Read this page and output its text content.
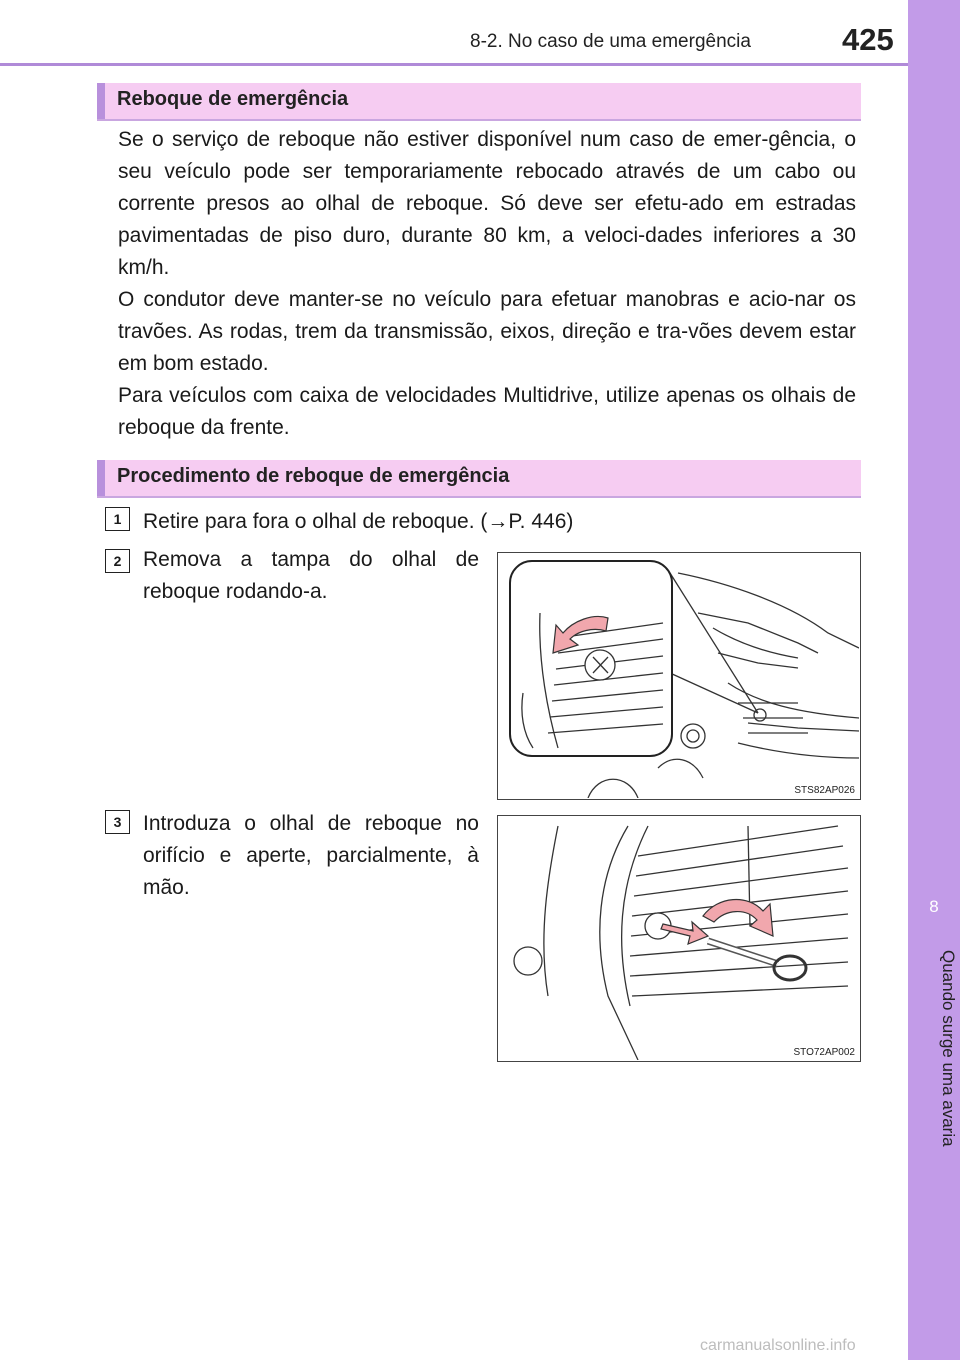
8-2. No caso de uma emergência	425
8
Quando surge uma avaria
Reboque de emergência
Se o serviço de reboque não estiver disponível num caso de emer-gência, o seu veículo pode ser temporariamente rebocado através de um cabo ou corrente presos ao olhal de reboque. Só deve ser efetu-ado em estradas pavimentadas de piso duro, durante 80 km, a veloci-dades inferiores a 30 km/h.
O condutor deve manter-se no veículo para efetuar manobras e acio-nar os travões. As rodas, trem da transmissão, eixos, direção e tra-vões devem estar em bom estado.
Para veículos com caixa de velocidades Multidrive, utilize apenas os olhais de reboque da frente.
Procedimento de reboque de emergência
1	Retire para fora o olhal de reboque. (→P. 446)
2	Remova a tampa do olhal de reboque rodando-a.
3	Introduza o olhal de reboque no orifício e aperte, parcialmente, à mão.
STS82AP026
STO72AP002
carmanualsonline.info
